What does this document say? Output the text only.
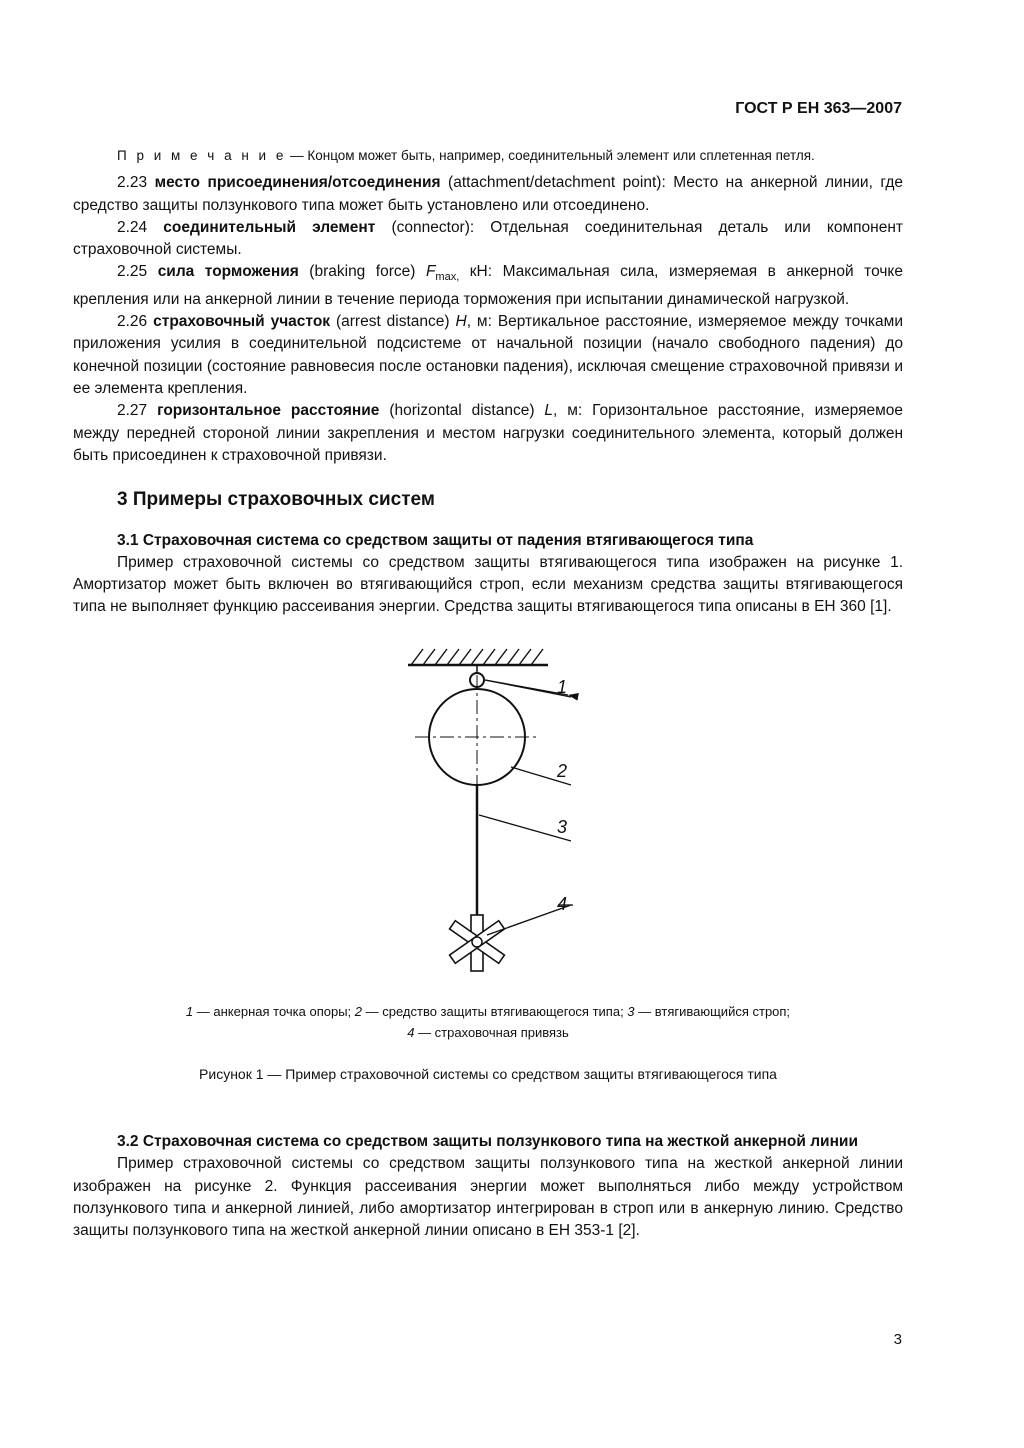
ГОСТ Р ЕН 363—2007

П р и м е ч а н и е — Концом может быть, например, соединительный элемент или сплетенная петля.

2.23 место присоединения/отсоединения (attachment/detachment point): Место на анкерной линии, где средство защиты ползункового типа может быть установлено или отсоединено.

2.24 соединительный элемент (connector): Отдельная соединительная деталь или компонент страховочной системы.

2.25 сила торможения (braking force) $F_{max,}$ кН: Максимальная сила, измеряемая в анкерной точке крепления или на анкерной линии в течение периода торможения при испытании динамической нагрузкой.

2.26 страховочный участок (arrest distance) H, м: Вертикальное расстояние, измеряемое между точками приложения усилия в соединительной подсистеме от начальной позиции (начало свободного падения) до конечной позиции (состояние равновесия после остановки падения), исключая смещение страховочной привязи и ее элемента крепления.

2.27 горизонтальное расстояние (horizontal distance) L, м: Горизонтальное расстояние, измеряемое между передней стороной линии закрепления и местом нагрузки соединительного элемента, который должен быть присоединен к страховочной привязи.

3 Примеры страховочных систем

3.1 Страховочная система со средством защиты от падения втягивающегося типа

Пример страховочной системы со средством защиты втягивающегося типа изображен на рисунке 1. Амортизатор может быть включен во втягивающийся строп, если механизм средства защиты втягивающегося типа не выполняет функцию рассеивания энергии. Средства защиты втягивающегося типа описаны в ЕН 360 [1].

1
2
3
4
1 — анкерная точка опоры; 2 — средство защиты втягивающегося типа; 3 — втягивающийся строп;
4 — страховочная привязь
Рисунок 1 — Пример страховочной системы со средством защиты втягивающегося типа

3.2 Страховочная система со средством защиты ползункового типа на жесткой анкерной линии

Пример страховочной системы со средством защиты ползункового типа на жесткой анкерной линии изображен на рисунке 2. Функция рассеивания энергии может выполняться либо между устройством ползункового типа и анкерной линией, либо амортизатор интегрирован в строп или в анкерную линию. Средство защиты ползункового типа на жесткой анкерной линии описано в ЕН 353-1 [2].

3
